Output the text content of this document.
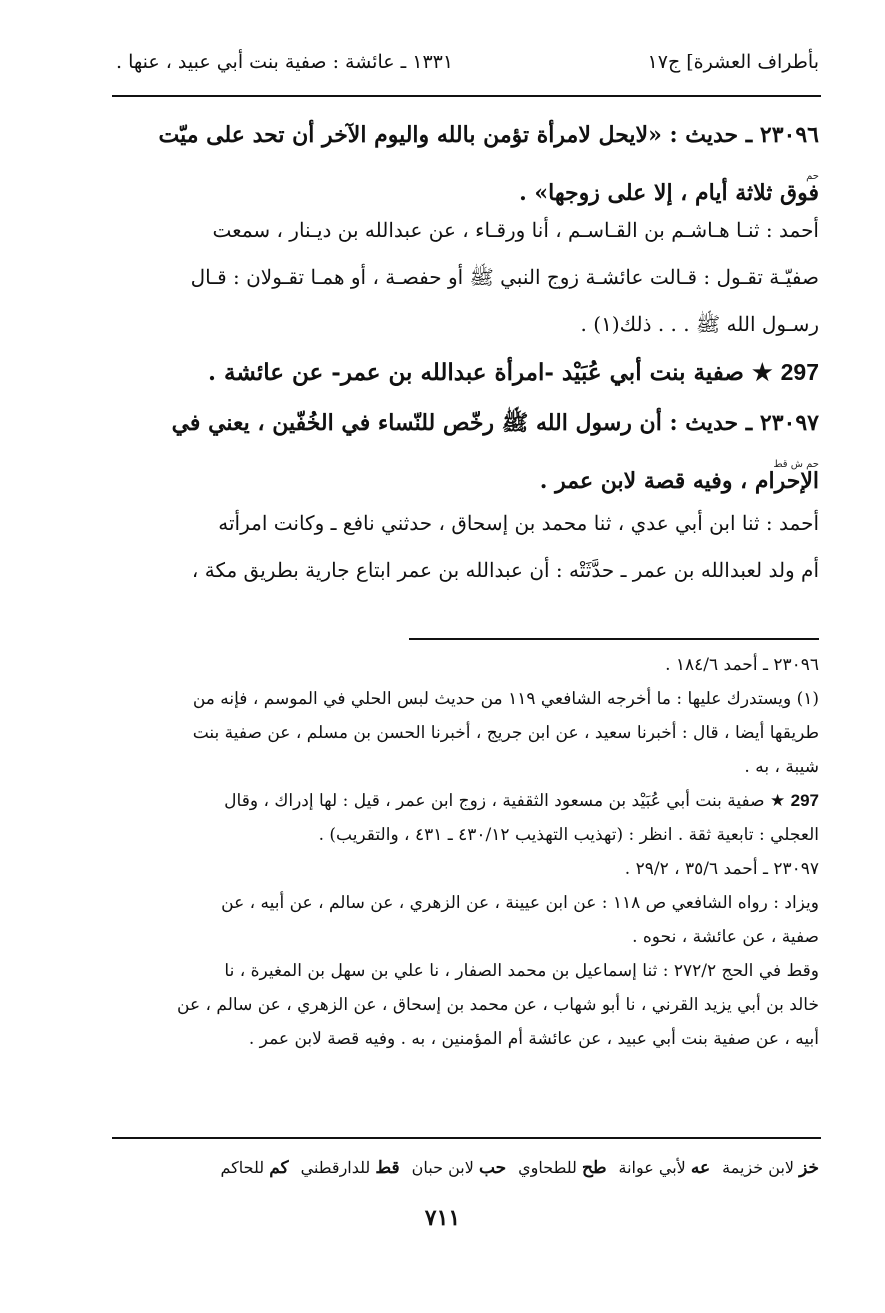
بأطراف العشرة] ج١٧
١٣٣١ ـ عائشة : صفية بنت أبي عبيد ، عنها .
٢٣٠٩٦ ـ حديث : «لايحل لامرأة تؤمن بالله واليوم الآخر أن تحد على ميّت
حم
فوق ثلاثة أيام ، إلا على زوجها» .
أحمد : ثنـا هـاشـم بن القـاسـم ، أنا ورقـاء ، عن عبدالله بن ديـنار ، سمعت
صفيّـة تقـول : قـالت عائشـة زوج النبي ﷺ أو حفصـة ، أو همـا تقـولان : قـال
رسـول الله ﷺ . . . ذلك(١) .
297 ★ صفية بنت أبي عُبَيْد -امرأة عبدالله بن عمر- عن عائشة .
٢٣٠٩٧ ـ حديث : أن رسول الله ﷺ رخّص للنّساء في الخُفّين ، يعني في
حم ش قط
الإحرام ، وفيه قصة لابن عمر .
أحمد : ثنا ابن أبي عدي ، ثنا محمد بن إسحاق ، حدثني نافع ـ وكانت امرأته
أم ولد لعبدالله بن عمر ـ حدَّثَتْه : أن عبدالله بن عمر ابتاع جارية بطريق مكة ،
٢٣٠٩٦ ـ أحمد ١٨٤/٦ .
(١) ويستدرك عليها : ما أخرجه الشافعي ١١٩ من حديث لبس الحلي في الموسم ، فإنه من
طريقها أيضا ، قال : أخبرنا سعيد ، عن ابن جريج ، أخبرنا الحسن بن مسلم ، عن صفية بنت
شيبة ، به .
297 ★ صفية بنت أبي عُبَيْد بن مسعود الثقفية ، زوج ابن عمر ، قيل : لها إدراك ، وقال
العجلي : تابعية ثقة . انظر : (تهذيب التهذيب ٤٣٠/١٢ ـ ٤٣١ ، والتقريب) .
٢٣٠٩٧ ـ أحمد ٣٥/٦ ، ٢٩/٢ .
ويزاد : رواه الشافعي ص ١١٨ : عن ابن عيينة ، عن الزهري ، عن سالم ، عن أبيه ، عن
صفية ، عن عائشة ، نحوه .
وقط في الحج ٢٧٢/٢ : ثنا إسماعيل بن محمد الصفار ، نا علي بن سهل بن المغيرة ، نا
خالد بن أبي يزيد القرني ، نا أبو شهاب ، عن محمد بن إسحاق ، عن الزهري ، عن سالم ، عن
أبيه ، عن صفية بنت أبي عبيد ، عن عائشة أم المؤمنين ، به . وفيه قصة لابن عمر .
خز لابن خزيمة
عه لأبي عوانة
طح للطحاوي
حب لابن حبان
قط للدارقطني
كم للحاكم
٧١١
